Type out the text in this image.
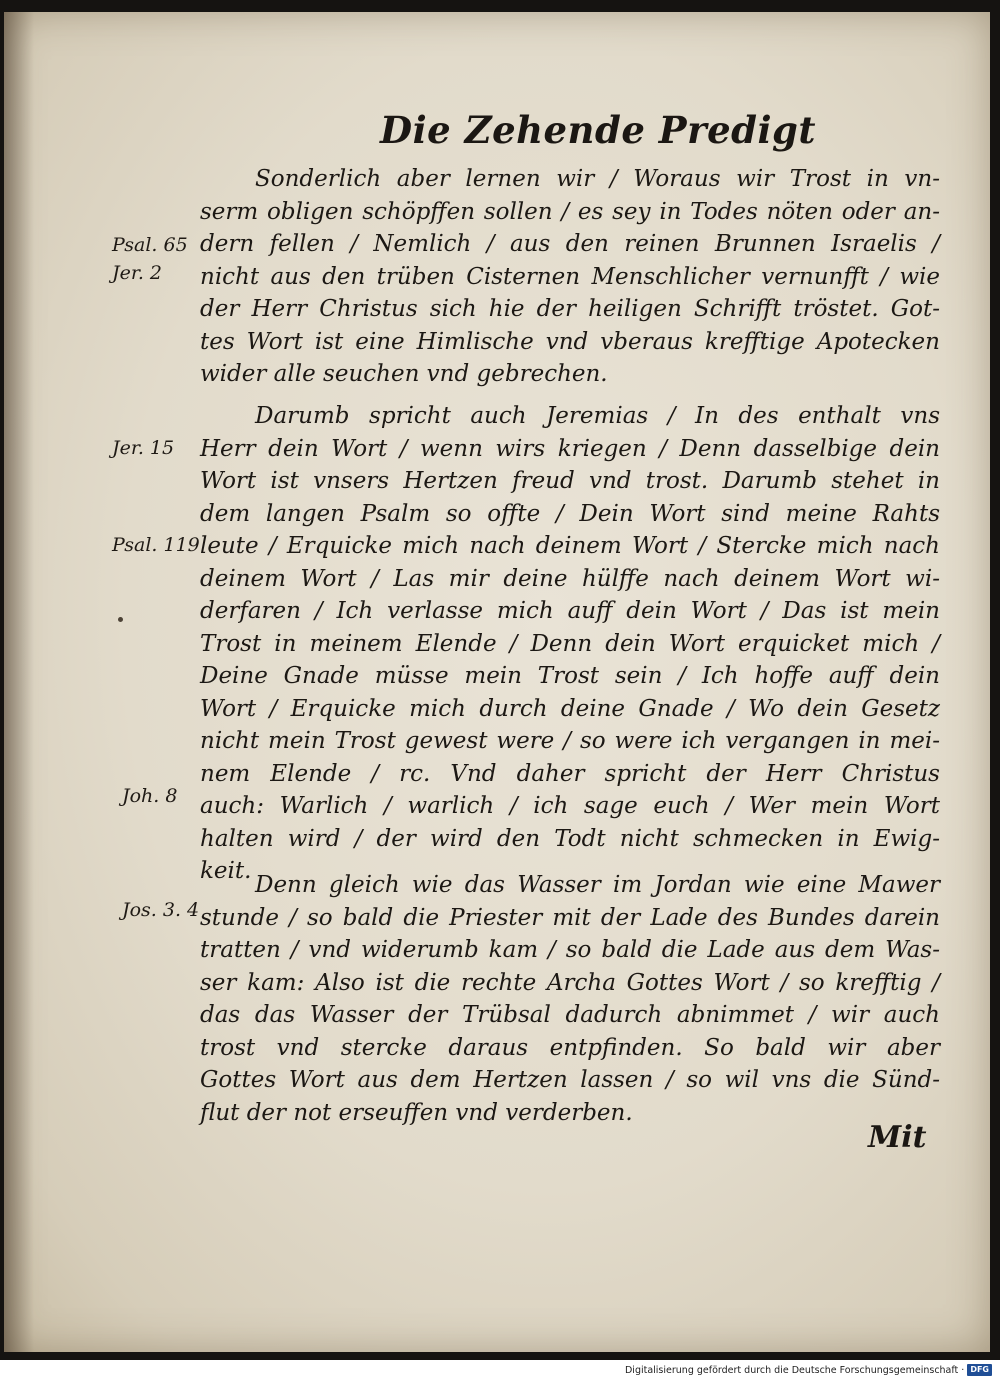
Die Zehende Predigt
Psal. 65
Jer. 2
Jer. 15
Psal. 119
Joh. 8
Jos. 3. 4
Sonderlich aber lernen wir / Woraus wir Trost in vn-
serm obligen schöpffen sollen / es sey in Todes nöten oder an-
dern fellen / Nemlich / aus den reinen Brunnen Israelis /
nicht aus den trüben Cisternen Menschlicher vernunfft / wie
der Herr Christus sich hie der heiligen Schrifft tröstet. Got-
tes Wort ist eine Himlische vnd vberaus krefftige Apotecken
wider alle seuchen vnd gebrechen.
Darumb spricht auch Jeremias / In des enthalt vns
Herr dein Wort / wenn wirs kriegen / Denn dasselbige dein
Wort ist vnsers Hertzen freud vnd trost. Darumb stehet in
dem langen Psalm so offte / Dein Wort sind meine Rahts
leute / Erquicke mich nach deinem Wort / Stercke mich nach
deinem Wort / Las mir deine hülffe nach deinem Wort wi-
derfaren / Ich verlasse mich auff dein Wort / Das ist mein
Trost in meinem Elende / Denn dein Wort erquicket mich /
Deine Gnade müsse mein Trost sein / Ich hoffe auff dein
Wort / Erquicke mich durch deine Gnade / Wo dein Gesetz
nicht mein Trost gewest were / so were ich vergangen in mei-
nem Elende / rc. Vnd daher spricht der Herr Christus
auch: Warlich / warlich / ich sage euch / Wer mein Wort
halten wird / der wird den Todt nicht schmecken in Ewig-
keit.
Denn gleich wie das Wasser im Jordan wie eine Mawer
stunde / so bald die Priester mit der Lade des Bundes darein
tratten / vnd widerumb kam / so bald die Lade aus dem Was-
ser kam: Also ist die rechte Archa Gottes Wort / so krefftig /
das das Wasser der Trübsal dadurch abnimmet / wir auch
trost vnd stercke daraus entpfinden. So bald wir aber
Gottes Wort aus dem Hertzen lassen / so wil vns die Sünd-
flut der not erseuffen vnd verderben.
Mit
Digitalisierung gefördert durch die Deutsche Forschungsgemeinschaft · DFG
